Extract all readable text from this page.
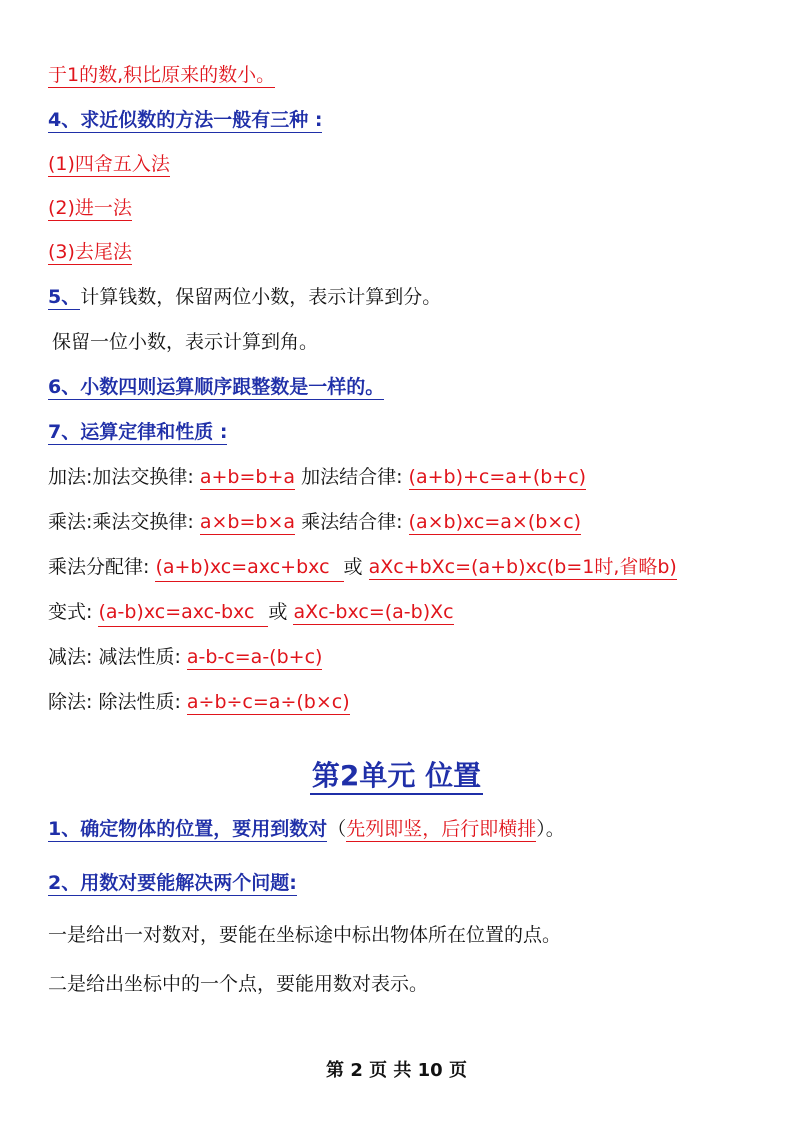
于1的数,积比原来的数小。
4、求近似数的方法一般有三种 :
(1)四舍五入法
(2)进一法
(3)去尾法
5、计算钱数，保留两位小数，表示计算到分。
保留一位小数，表示计算到角。
6、小数四则运算顺序跟整数是一样的。
7、运算定律和性质 :
加法:加法交换律: a+b=b+a 加法结合律: (a+b)+c=a+(b+c)
乘法:乘法交换律: a×b=b×a 乘法结合律: (a×b)xc=a×(b×c)
乘法分配律: (a+b)xc=axc+bxc 或 aXc+bXc=(a+b)xc(b=1时,省略b)
变式: (a-b)xc=axc-bxc 或 aXc-bxc=(a-b)Xc
减法: 减法性质: a-b-c=a-(b+c)
除法: 除法性质: a÷b÷c=a÷(b×c)
第2单元 位置
1、确定物体的位置，要用到数对（先列即竖，后行即横排）。
2、用数对要能解决两个问题:
一是给出一对数对，要能在坐标途中标出物体所在位置的点。
二是给出坐标中的一个点，要能用数对表示。
第 2 页 共 10 页
